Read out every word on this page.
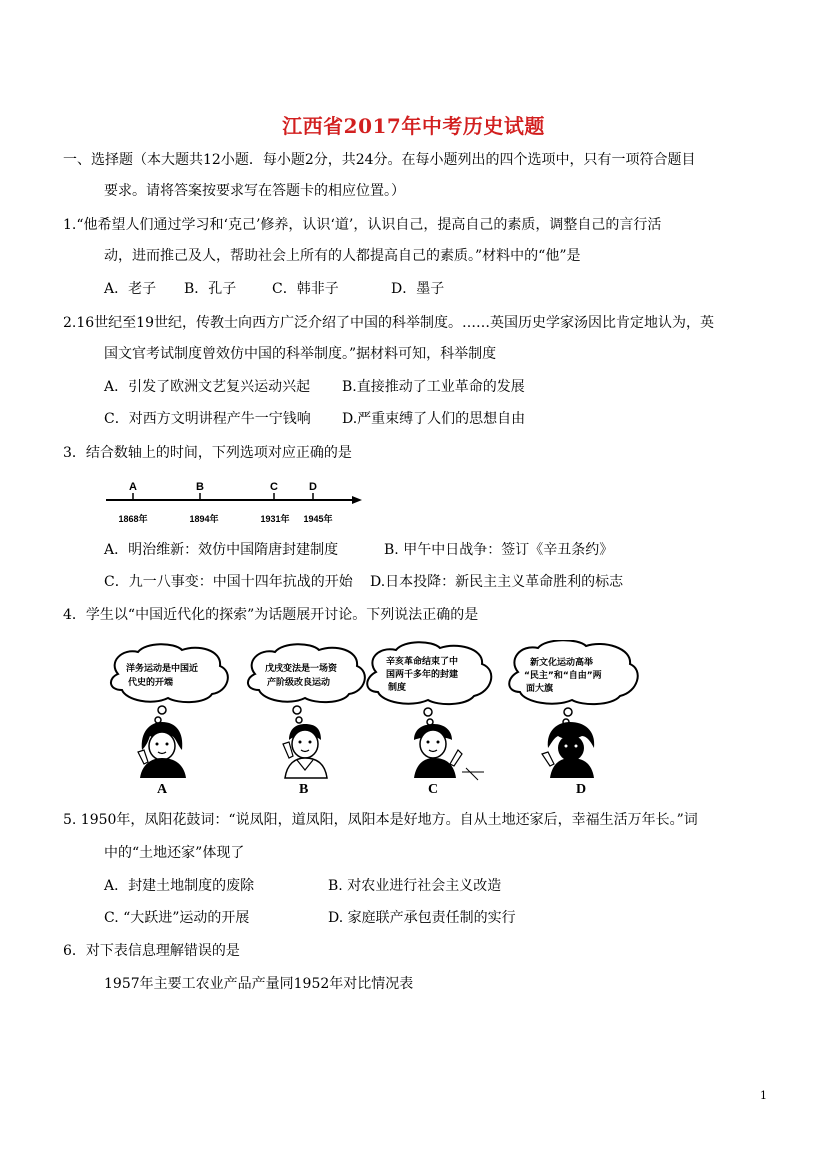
江西省2017年中考历史试题
一、选择题（本大题共12小题．每小题2分，共24分。在每小题列出的四个选项中，只有一项符合题目
要求。请将答案按要求写在答题卡的相应位置。）
1.“他希望人们通过学习和‘克己’修养，认识‘道’，认识自己，提高自己的素质，调整自己的言行活
动，进而推己及人，帮助社会上所有的人都提高自己的素质。”材料中的“他”是
A．老子 B．孔子	C．韩非子	D．墨子
2.16世纪至19世纪，传教士向西方广泛介绍了中国的科举制度。……英国历史学家汤因比肯定地认为，英
国文官考试制度曾效仿中国的科举制度。”据材料可知，科举制度
A．引发了欧洲文艺复兴运动兴起 B.直接推动了工业革命的发展
C．对西方文明讲程产牛一宁钱响 D.严重束缚了人们的思想自由
3．结合数轴上的时间，下列选项对应正确的是
A	B	C	D
1868年	1894年	1931年 1945年
A．明治维新：效仿中国隋唐封建制度	B. 甲午中日战争：签订《辛丑条约》
C．九一八事变：中国十四年抗战的开始 D.日本投降：新民主主义革命胜利的标志
4．学生以“中国近代化的探索”为话题展开讨论。下列说法正确的是
洋务运动是中国近
代史的开端
A
戊戌变法是一场资
产阶级改良运动
B
辛亥革命结束了中
国两千多年的封建
制度
C
新文化运动高举
“民主”和“自由”两
面大旗
D
5. 1950年，凤阳花鼓词：“说凤阳，道凤阳，凤阳本是好地方。自从土地还家后，幸福生活万年长。”词
中的“土地还家”体现了
A．封建土地制度的废除	B. 对农业进行社会主义改造
C. “大跃进”运动的开展	D. 家庭联产承包责任制的实行
6．对下表信息理解错误的是
1957年主要工农业产品产量同1952年对比情况表
1
